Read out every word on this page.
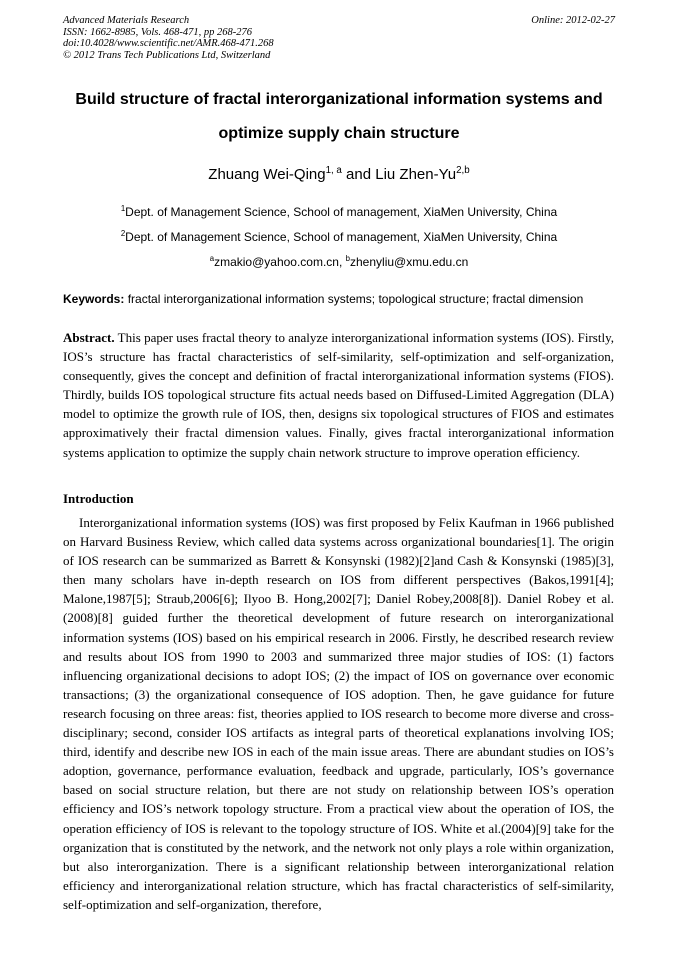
Advanced Materials Research
ISSN: 1662-8985, Vols. 468-471, pp 268-276
doi:10.4028/www.scientific.net/AMR.468-471.268
© 2012 Trans Tech Publications Ltd, Switzerland
Online: 2012-02-27
Build structure of fractal interorganizational information systems and
optimize supply chain structure
Zhuang Wei-Qing$^{1, a}$ and Liu Zhen-Yu$^{2,b}$
$^1$Dept. of Management Science, School of management, XiaMen University, China
$^2$Dept. of Management Science, School of management, XiaMen University, China
$^a$zmakio@yahoo.com.cn, $^b$zhenyliu@xmu.edu.cn
Keywords: fractal interorganizational information systems; topological structure; fractal dimension
Abstract. This paper uses fractal theory to analyze interorganizational information systems (IOS). Firstly, IOS’s structure has fractal characteristics of self-similarity, self-optimization and self-organization, consequently, gives the concept and definition of fractal interorganizational information systems (FIOS). Thirdly, builds IOS topological structure fits actual needs based on Diffused-Limited Aggregation (DLA) model to optimize the growth rule of IOS, then, designs six topological structures of FIOS and estimates approximatively their fractal dimension values. Finally, gives fractal interorganizational information systems application to optimize the supply chain network structure to improve operation efficiency.
Introduction
Interorganizational information systems (IOS) was first proposed by Felix Kaufman in 1966 published on Harvard Business Review, which called data systems across organizational boundaries[1]. The origin of IOS research can be summarized as Barrett & Konsynski (1982)[2]and Cash & Konsynski (1985)[3], then many scholars have in-depth research on IOS from different perspectives (Bakos,1991[4]; Malone,1987[5]; Straub,2006[6]; Ilyoo B. Hong,2002[7]; Daniel Robey,2008[8]). Daniel Robey et al. (2008)[8] guided further the theoretical development of future research on interorganizational information systems (IOS) based on his empirical research in 2006. Firstly, he described research review and results about IOS from 1990 to 2003 and summarized three major studies of IOS: (1) factors influencing organizational decisions to adopt IOS; (2) the impact of IOS on governance over economic transactions; (3) the organizational consequence of IOS adoption. Then, he gave guidance for future research focusing on three areas: fist, theories applied to IOS research to become more diverse and cross-disciplinary; second, consider IOS artifacts as integral parts of theoretical explanations involving IOS; third, identify and describe new IOS in each of the main issue areas. There are abundant studies on IOS’s adoption, governance, performance evaluation, feedback and upgrade, particularly, IOS’s governance based on social structure relation, but there are not study on relationship between IOS’s operation efficiency and IOS’s network topology structure. From a practical view about the operation of IOS, the operation efficiency of IOS is relevant to the topology structure of IOS. White et al.(2004)[9] take for the organization that is constituted by the network, and the network not only plays a role within organization, but also interorganization. There is a significant relationship between interorganizational relation efficiency and interorganizational relation structure, which has fractal characteristics of self-similarity, self-optimization and self-organization, therefore,
